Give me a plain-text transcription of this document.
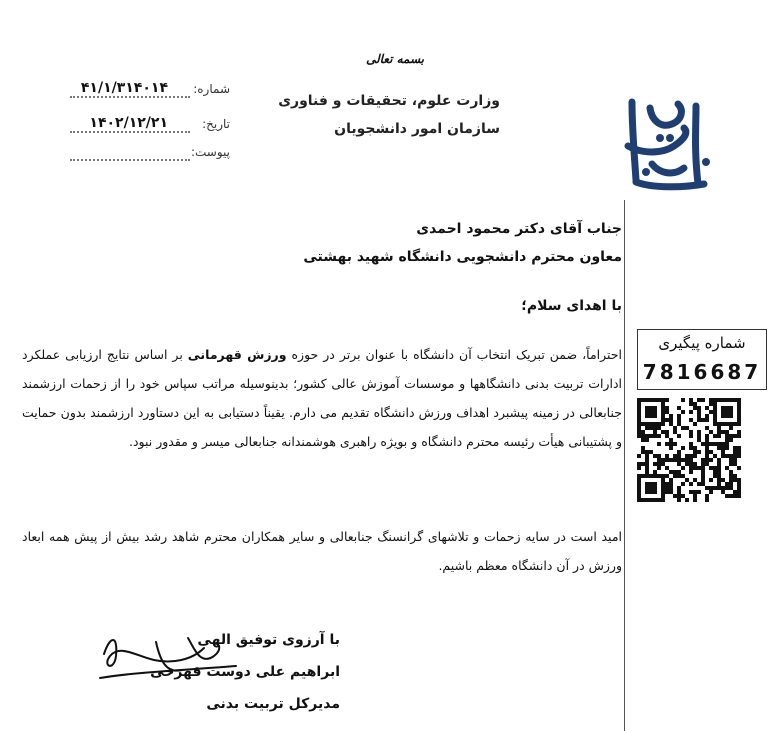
بسمه تعالی
وزارت علوم، تحقیقات و فناوری
سازمان امور دانشجویان
شماره:
۴۱/۱/۳۱۴۰۱۴
تاریخ:
۱۴۰۲/۱۲/۲۱
پیوست:
جناب آقای دکتر محمود احمدی
معاون محترم دانشجویی دانشگاه شهید بهشتی
با اهدای سلام؛
احتراماً، ضمن تبریک انتخاب آن دانشگاه با عنوان برتر در حوزه ورزش قهرمانی بر اساس نتایج ارزیابی عملکرد ادارات تربیت بدنی دانشگاهها و موسسات آموزش عالی کشور؛ بدینوسیله مراتب سپاس خود را از زحمات ارزشمند جنابعالی در زمینه پیشبرد اهداف ورزش دانشگاه تقدیم می دارم. یقیناً دستیابی به این دستاورد ارزشمند بدون حمایت و پشتیبانی هیأت رئیسه محترم دانشگاه و بویژه راهبری هوشمندانه جنابعالی میسر و مقدور نبود.
امید است در سایه زحمات و تلاشهای گرانسنگ جنابعالی و سایر همکاران محترم شاهد رشد بیش از پیش همه ابعاد ورزش در آن دانشگاه معظم باشیم.
شماره پیگیری
7816687
با آرزوی توفیق الهی
ابراهیم علی دوست قهرخی
مدیرکل تربیت بدنی
